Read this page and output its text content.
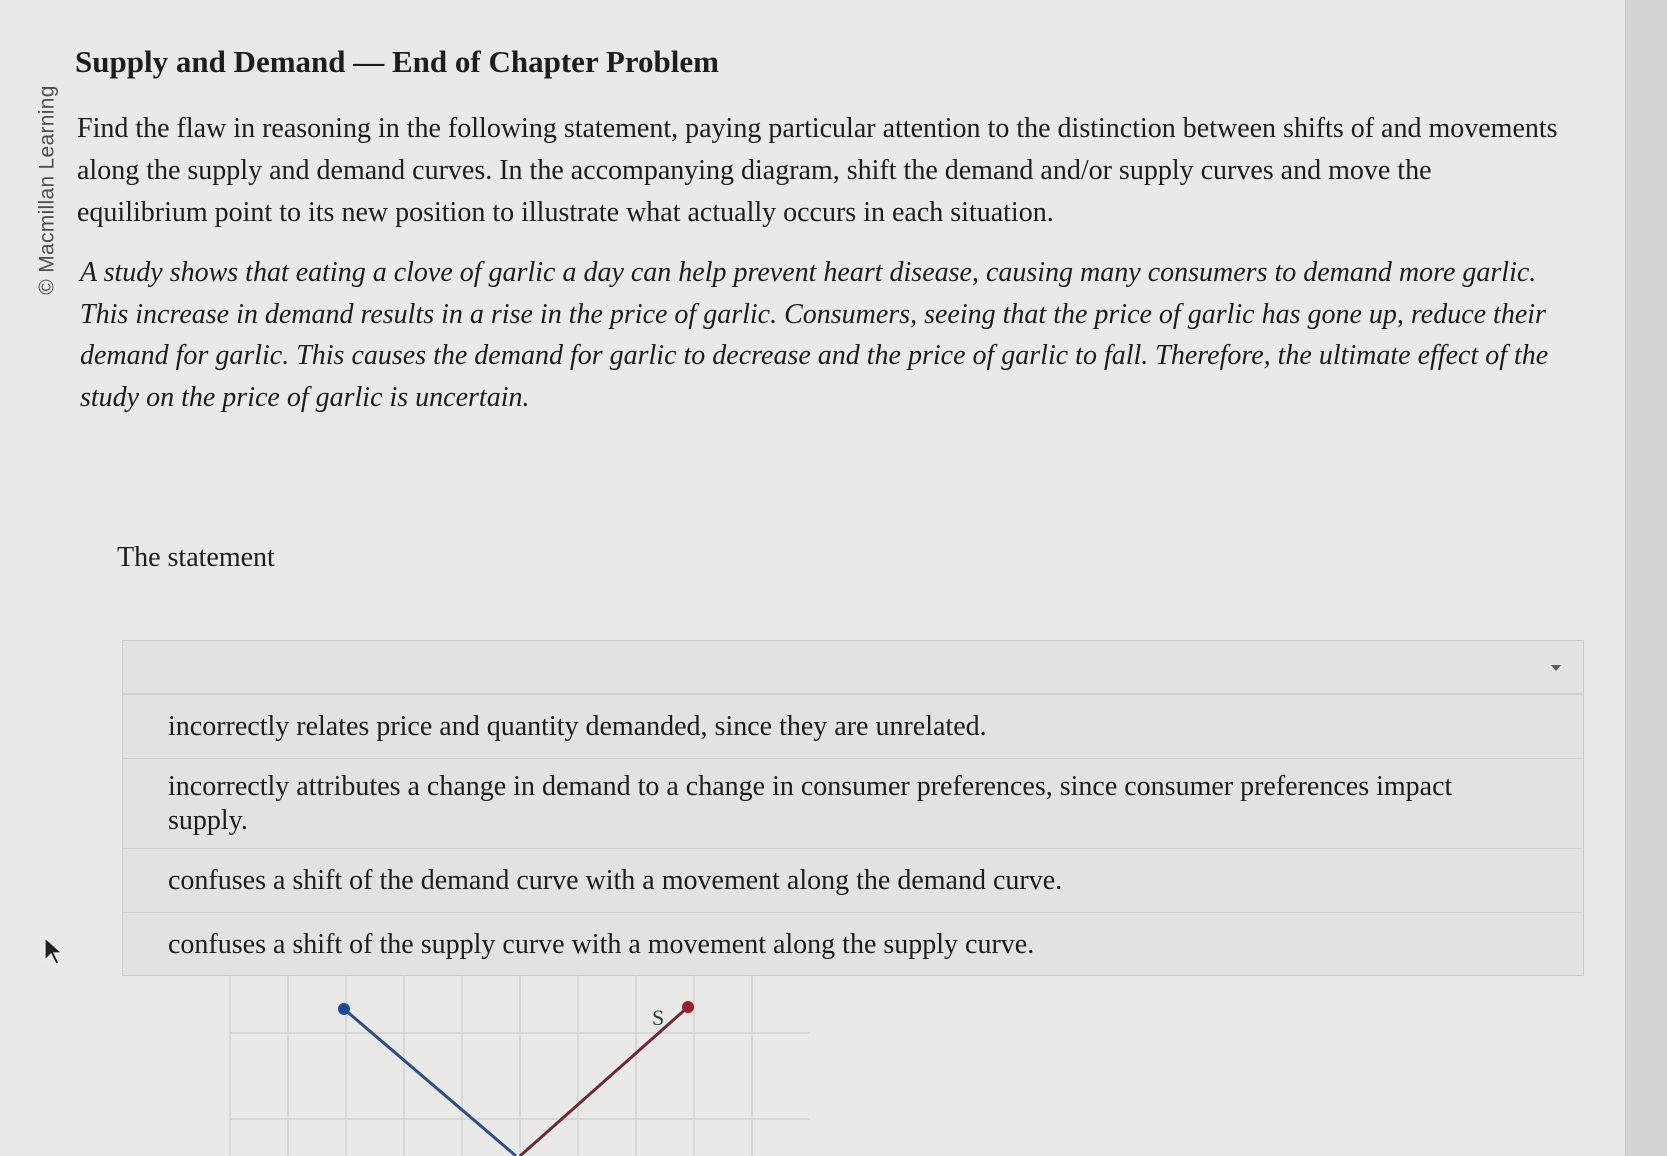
© Macmillan Learning
Supply and Demand — End of Chapter Problem

Find the flaw in reasoning in the following statement, paying particular attention to the distinction between shifts of and movements along the supply and demand curves. In the accompanying diagram, shift the demand and/or supply curves and move the equilibrium point to its new position to illustrate what actually occurs in each situation.

A study shows that eating a clove of garlic a day can help prevent heart disease, causing many consumers to demand more garlic. This increase in demand results in a rise in the price of garlic. Consumers, seeing that the price of garlic has gone up, reduce their demand for garlic. This causes the demand for garlic to decrease and the price of garlic to fall. Therefore, the ultimate effect of the study on the price of garlic is uncertain.

The statement
incorrectly relates price and quantity demanded, since they are unrelated.
incorrectly attributes a change in demand to a change in consumer preferences, since consumer preferences impact supply.
confuses a shift of the demand curve with a movement along the demand curve.
confuses a shift of the supply curve with a movement along the supply curve.
S
